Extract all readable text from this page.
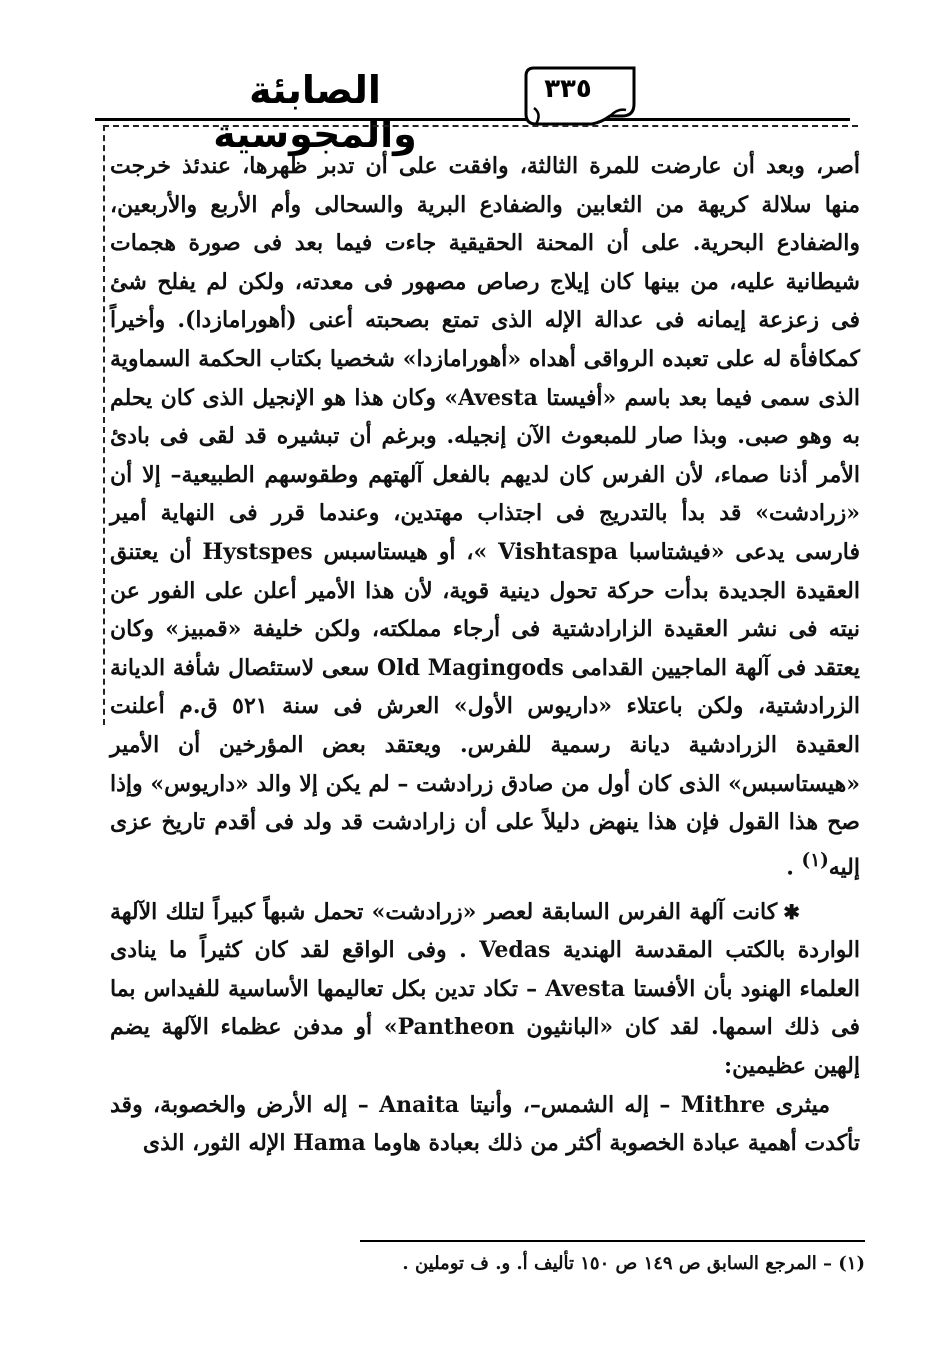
الصابئة والمجوسية
٣٣٥

أصر، وبعد أن عارضت للمرة الثالثة، وافقت على أن تدبر ظهرها، عندئذ خرجت منها سلالة كريهة من الثعابين والضفادع البرية والسحالى وأم الأربع والأربعين، والضفادع البحرية. على أن المحنة الحقيقية جاءت فيما بعد فى صورة هجمات شيطانية عليه، من بينها كان إيلاج رصاص مصهور فى معدته، ولكن لم يفلح شئ فى زعزعة إيمانه فى عدالة الإله الذى تمتع بصحبته أعنى (أهورامازدا). وأخيراً كمكافأة له على تعبده الرواقى أهداه «أهورامازدا» شخصيا بكتاب الحكمة السماوية الذى سمى فيما بعد باسم «أفيستا Avesta» وكان هذا هو الإنجيل الذى كان يحلم به وهو صبى. وبذا صار للمبعوث الآن إنجيله. وبرغم أن تبشيره قد لقى فى بادئ الأمر أذنا صماء، لأن الفرس كان لديهم بالفعل آلهتهم وطقوسهم الطبيعية– إلا أن «زرادشت» قد بدأ بالتدريج فى اجتذاب مهتدين، وعندما قرر فى النهاية أمير فارسى يدعى «فيشتاسبا Vishtaspa »، أو هيستاسبس Hystspes أن يعتنق العقيدة الجديدة بدأت حركة تحول دينية قوية، لأن هذا الأمير أعلن على الفور عن نيته فى نشر العقيدة الزارادشتية فى أرجاء مملكته، ولكن خليفة «قمبيز» وكان يعتقد فى آلهة الماجيين القدامى Old Magingods سعى لاستئصال شأفة الديانة الزرادشتية، ولكن باعتلاء «داريوس الأول» العرش فى سنة ٥٢١ ق.م أعلنت العقيدة الزرادشية ديانة رسمية للفرس. ويعتقد بعض المؤرخين أن الأمير «هيستاسبس» الذى كان أول من صادق زرادشت – لم يكن إلا والد «داريوس» وإذا صح هذا القول فإن هذا ينهض دليلاً على أن زارادشت قد ولد فى أقدم تاريخ عزى إليه$^{(١)}$ .

✱كانت آلهة الفرس السابقة لعصر «زرادشت» تحمل شبهاً كبيراً لتلك الآلهة الواردة بالكتب المقدسة الهندية Vedas . وفى الواقع لقد كان كثيراً ما ينادى العلماء الهنود بأن الأفستا Avesta – تكاد تدين بكل تعاليمها الأساسية للفيداس بما فى ذلك اسمها. لقد كان «البانثيون Pantheon» أو مدفن عظماء الآلهة يضم إلهين عظيمين:

ميثرى Mithre – إله الشمس–، وأنيتا Anaita – إله الأرض والخصوبة، وقد تأكدت أهمية عبادة الخصوبة أكثر من ذلك بعبادة هاوما Hama الإله الثور، الذى

(١) – المرجع السابق ص ١٤٩ ص ١٥٠ تأليف أ. و. ف توملين .
